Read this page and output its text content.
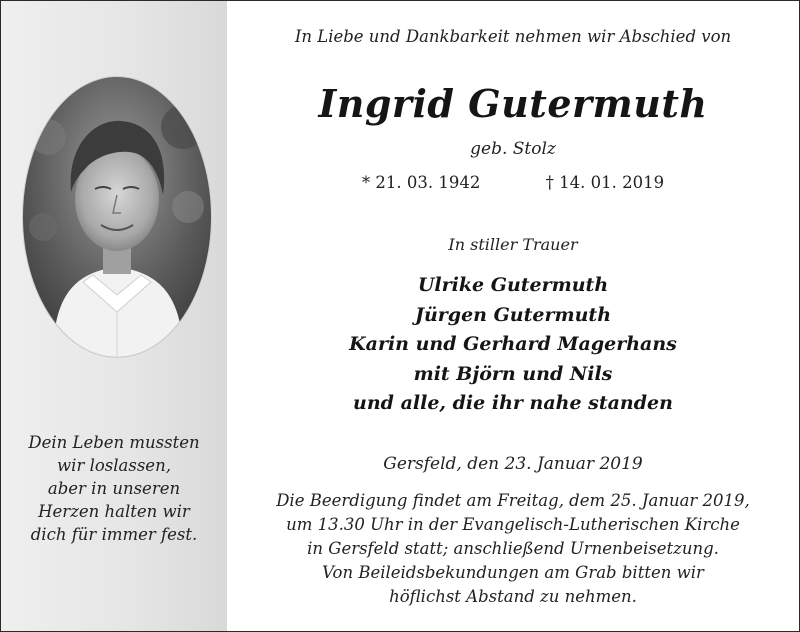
Dein Leben mussten
wir loslassen,
aber in unseren
Herzen halten wir
dich für immer fest.
In Liebe und Dankbarkeit nehmen wir Abschied von
Ingrid Gutermuth
geb. Stolz
* 21. 03. 1942	† 14. 01. 2019
In stiller Trauer
Ulrike Gutermuth
Jürgen Gutermuth
Karin und Gerhard Magerhans
mit Björn und Nils
und alle, die ihr nahe standen
Gersfeld, den 23. Januar 2019
Die Beerdigung findet am Freitag, dem 25. Januar 2019,
um 13.30 Uhr in der Evangelisch-Lutherischen Kirche
in Gersfeld statt; anschließend Urnenbeisetzung.
Von Beileidsbekundungen am Grab bitten wir
höflichst Abstand zu nehmen.
